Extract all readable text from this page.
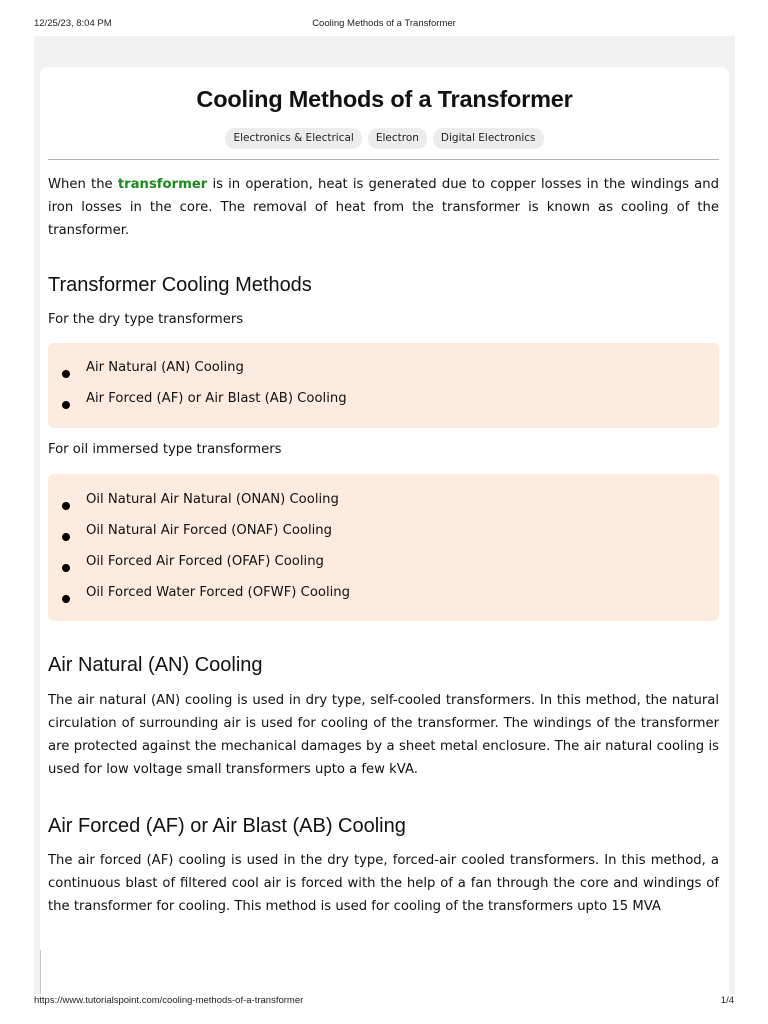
12/25/23, 8:04 PM	Cooling Methods of a Transformer
Cooling Methods of a Transformer
Electronics & Electrical	Electron	Digital Electronics

When the transformer is in operation, heat is generated due to copper losses in the windings and iron losses in the core. The removal of heat from the transformer is known as cooling of the transformer.

Transformer Cooling Methods

For the dry type transformers

Air Natural (AN) Cooling
Air Forced (AF) or Air Blast (AB) Cooling

For oil immersed type transformers

Oil Natural Air Natural (ONAN) Cooling
Oil Natural Air Forced (ONAF) Cooling
Oil Forced Air Forced (OFAF) Cooling
Oil Forced Water Forced (OFWF) Cooling
Air Natural (AN) Cooling

The air natural (AN) cooling is used in dry type, self-cooled transformers. In this method, the natural circulation of surrounding air is used for cooling of the transformer. The windings of the transformer are protected against the mechanical damages by a sheet metal enclosure. The air natural cooling is used for low voltage small transformers upto a few kVA.

Air Forced (AF) or Air Blast (AB) Cooling

The air forced (AF) cooling is used in the dry type, forced-air cooled transformers. In this method, a continuous blast of filtered cool air is forced with the help of a fan through the core and windings of the transformer for cooling. This method is used for cooling of the transformers upto 15 MVA

https://www.tutorialspoint.com/cooling-methods-of-a-transformer	1/4
